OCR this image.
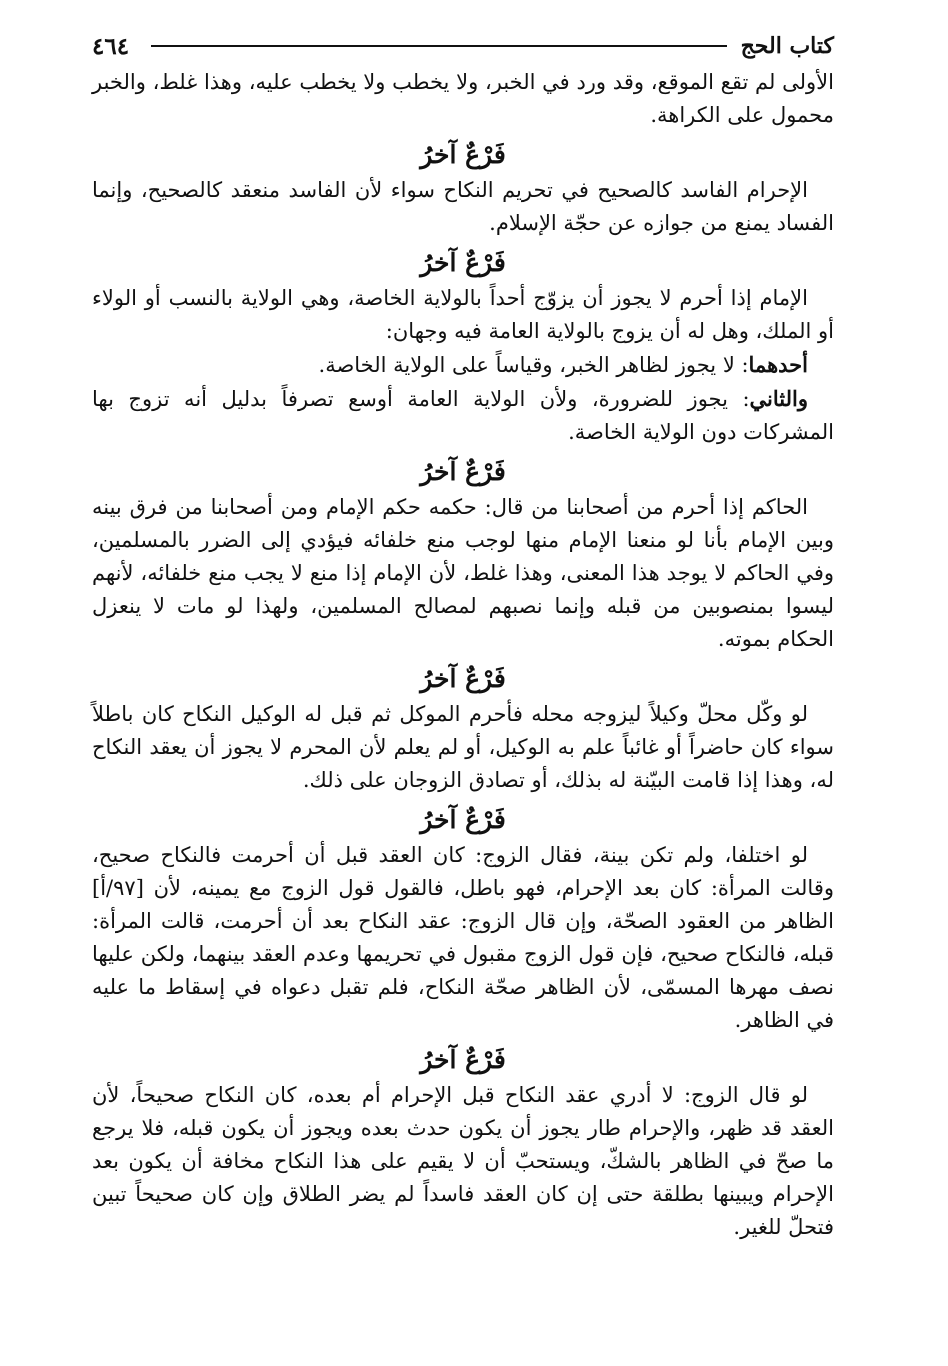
٤٦٤	كتاب الحج

الأولى لم تقع الموقع، وقد ورد في الخبر، ولا يخطب ولا يخطب عليه، وهذا غلط، والخبر محمول على الكراهة.

فَرْعٌ آخرُ

الإحرام الفاسد كالصحيح في تحريم النكاح سواء لأن الفاسد منعقد كالصحيح، وإنما الفساد يمنع من جوازه عن حجّة الإسلام.

فَرْعٌ آخرُ

الإمام إذا أحرم لا يجوز أن يزوّج أحداً بالولاية الخاصة، وهي الولاية بالنسب أو الولاء أو الملك، وهل له أن يزوج بالولاية العامة فيه وجهان:

أحدهما: لا يجوز لظاهر الخبر، وقياساً على الولاية الخاصة.

والثاني: يجوز للضرورة، ولأن الولاية العامة أوسع تصرفاً بدليل أنه تزوج بها المشركات دون الولاية الخاصة.

فَرْعٌ آخرُ

الحاكم إذا أحرم من أصحابنا من قال: حكمه حكم الإمام ومن أصحابنا من فرق بينه وبين الإمام بأنا لو منعنا الإمام منها لوجب منع خلفائه فيؤدي إلى الضرر بالمسلمين، وفي الحاكم لا يوجد هذا المعنى، وهذا غلط، لأن الإمام إذا منع لا يجب منع خلفائه، لأنهم ليسوا بمنصوبين من قبله وإنما نصبهم لمصالح المسلمين، ولهذا لو مات لا ينعزل الحكام بموته.

فَرْعٌ آخرُ

لو وكّل محلّ وكيلاً ليزوجه محله فأحرم الموكل ثم قبل له الوكيل النكاح كان باطلاً سواء كان حاضراً أو غائباً علم به الوكيل، أو لم يعلم لأن المحرم لا يجوز أن يعقد النكاح له، وهذا إذا قامت البيّنة له بذلك، أو تصادق الزوجان على ذلك.

فَرْعٌ آخرُ

لو اختلفا، ولم تكن بينة، فقال الزوج: كان العقد قبل أن أحرمت فالنكاح صحيح، وقالت المرأة: كان بعد الإحرام، فهو باطل، فالقول قول الزوج مع يمينه، لأن [٩٧/أ] الظاهر من العقود الصحّة، وإن قال الزوج: عقد النكاح بعد أن أحرمت، قالت المرأة: قبله، فالنكاح صحيح، فإن قول الزوج مقبول في تحريمها وعدم العقد بينهما، ولكن عليها نصف مهرها المسمّى، لأن الظاهر صحّة النكاح، فلم تقبل دعواه في إسقاط ما عليه في الظاهر.

فَرْعٌ آخرُ

لو قال الزوج: لا أدري عقد النكاح قبل الإحرام أم بعده، كان النكاح صحيحاً، لأن العقد قد ظهر، والإحرام طار يجوز أن يكون حدث بعده ويجوز أن يكون قبله، فلا يرجع ما صحّ في الظاهر بالشكّ، ويستحبّ أن لا يقيم على هذا النكاح مخافة أن يكون بعد الإحرام ويبينها بطلقة حتى إن كان العقد فاسداً لم يضر الطلاق وإن كان صحيحاً تبين فتحلّ للغير.
